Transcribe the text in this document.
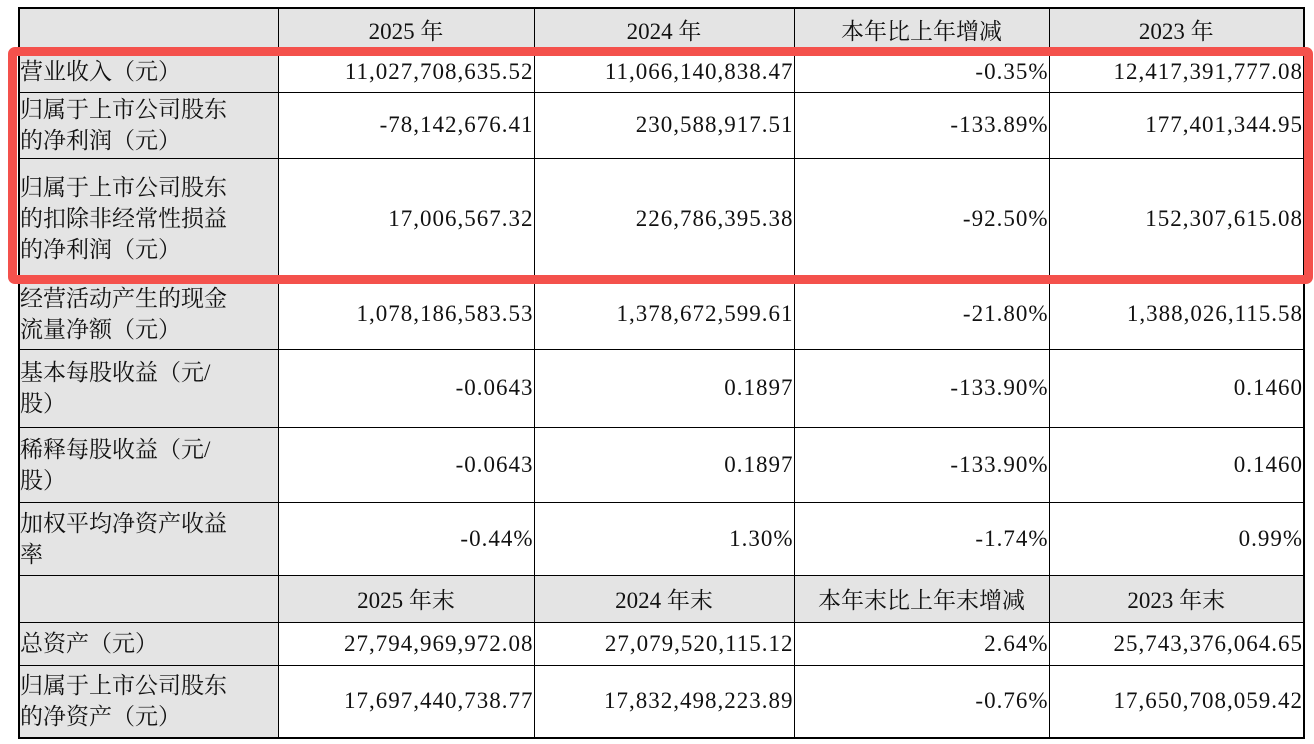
	2025 年	2024 年	本年比上年增减	2023 年

营业收入（元）	11,027,708,635.52	11,066,140,838.47	-0.35%	12,417,391,777.08

归属于上市公司股东
的净利润（元）	-78,142,676.41	230,588,917.51	-133.89%	177,401,344.95

归属于上市公司股东
的扣除非经常性损益
的净利润（元）	17,006,567.32	226,786,395.38	-92.50%	152,307,615.08

经营活动产生的现金
流量净额（元）	1,078,186,583.53	1,378,672,599.61	-21.80%	1,388,026,115.58

基本每股收益（元/
股）	-0.0643	0.1897	-133.90%	0.1460

稀释每股收益（元/
股）	-0.0643	0.1897	-133.90%	0.1460

加权平均净资产收益
率	-0.44%	1.30%	-1.74%	0.99%
	2025 年末	2024 年末	本年末比上年末增减	2023 年末

总资产（元）	27,794,969,972.08	27,079,520,115.12	2.64%	25,743,376,064.65

归属于上市公司股东
的净资产（元）	17,697,440,738.77	17,832,498,223.89	-0.76%	17,650,708,059.42
